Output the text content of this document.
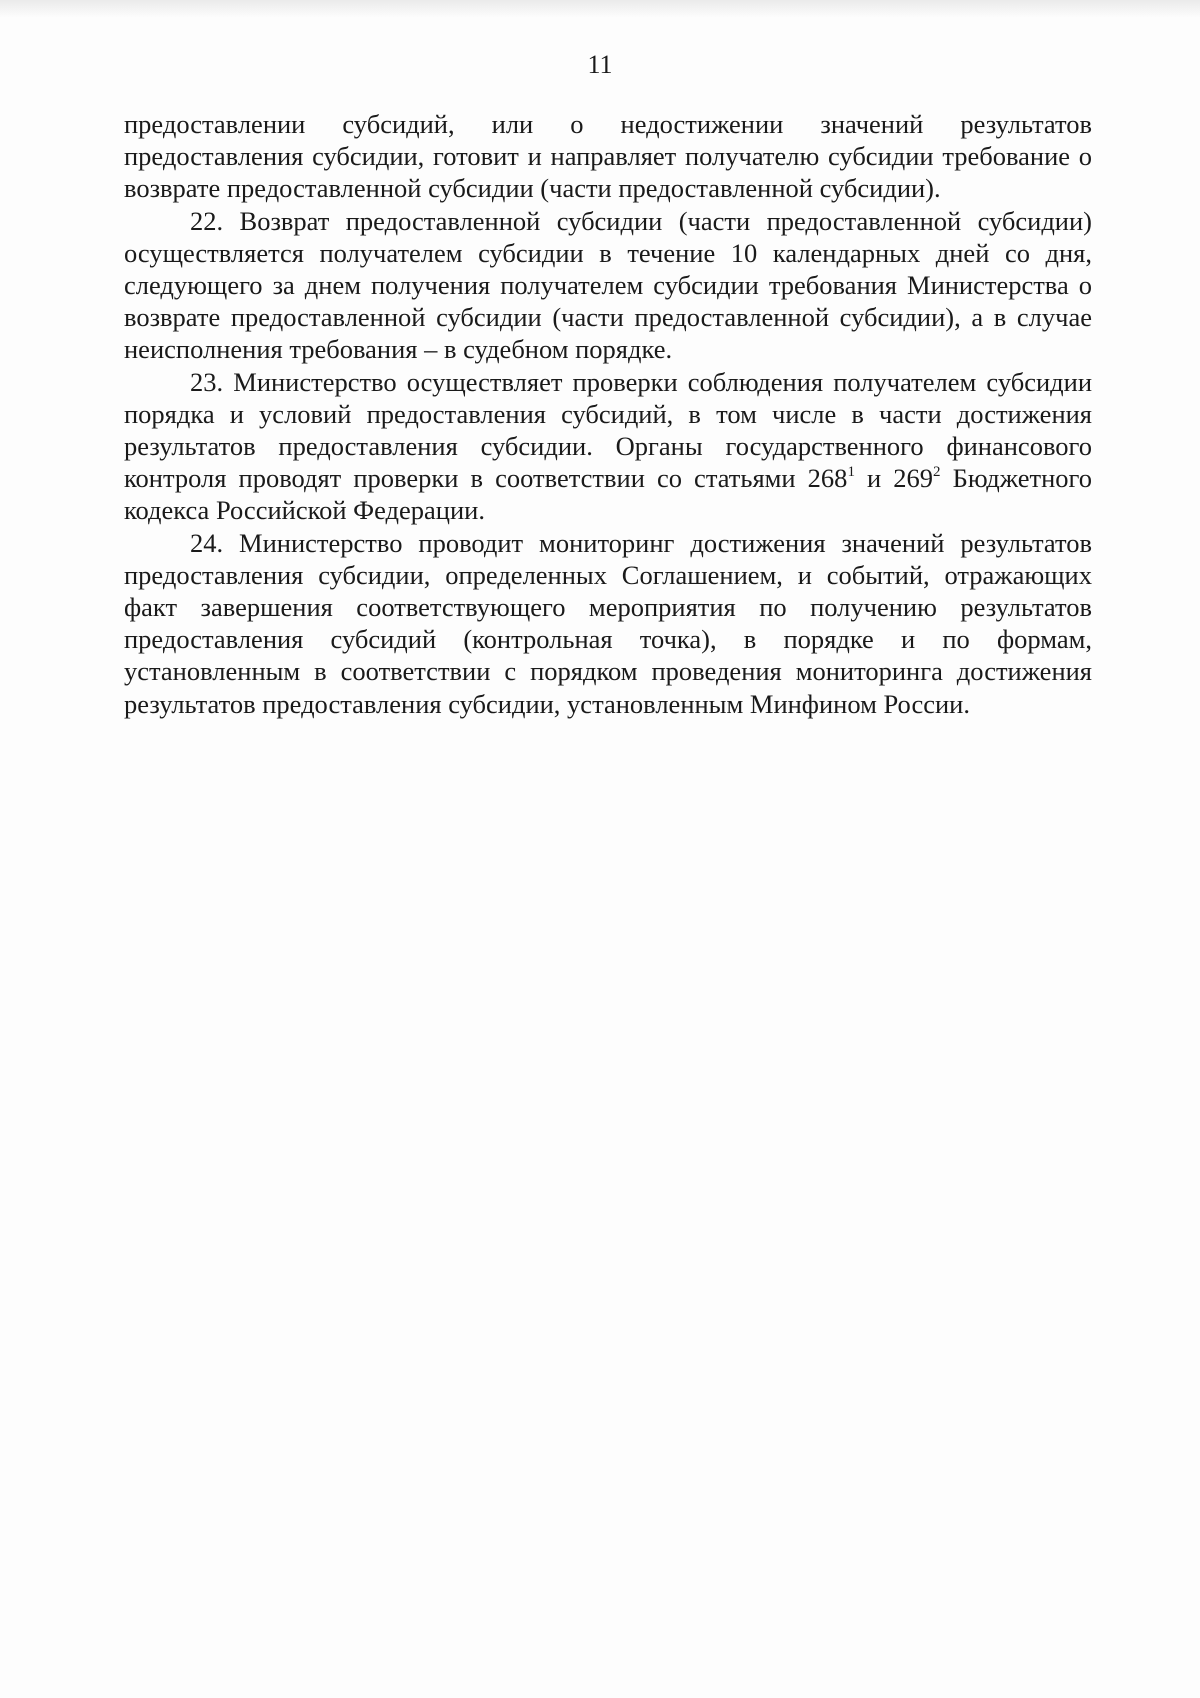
11

предоставлении субсидий, или о недостижении значений результатов предоставления субсидии, готовит и направляет получателю субсидии требование о возврате предоставленной субсидии (части предоставленной субсидии).

22. Возврат предоставленной субсидии (части предоставленной субсидии) осуществляется получателем субсидии в течение 10 календарных дней со дня, следующего за днем получения получателем субсидии требования Министерства о возврате предоставленной субсидии (части предоставленной субсидии), а в случае неисполнения требования – в судебном порядке.

23. Министерство осуществляет проверки соблюдения получателем субсидии порядка и условий предоставления субсидий, в том числе в части достижения результатов предоставления субсидии. Органы государственного финансового контроля проводят проверки в соответствии со статьями $268^1$ и $269^2$ Бюджетного кодекса Российской Федерации.

24. Министерство проводит мониторинг достижения значений результатов предоставления субсидии, определенных Соглашением, и событий, отражающих факт завершения соответствующего мероприятия по получению результатов предоставления субсидий (контрольная точка), в порядке и по формам, установленным в соответствии с порядком проведения мониторинга достижения результатов предоставления субсидии, установленным Минфином России.
